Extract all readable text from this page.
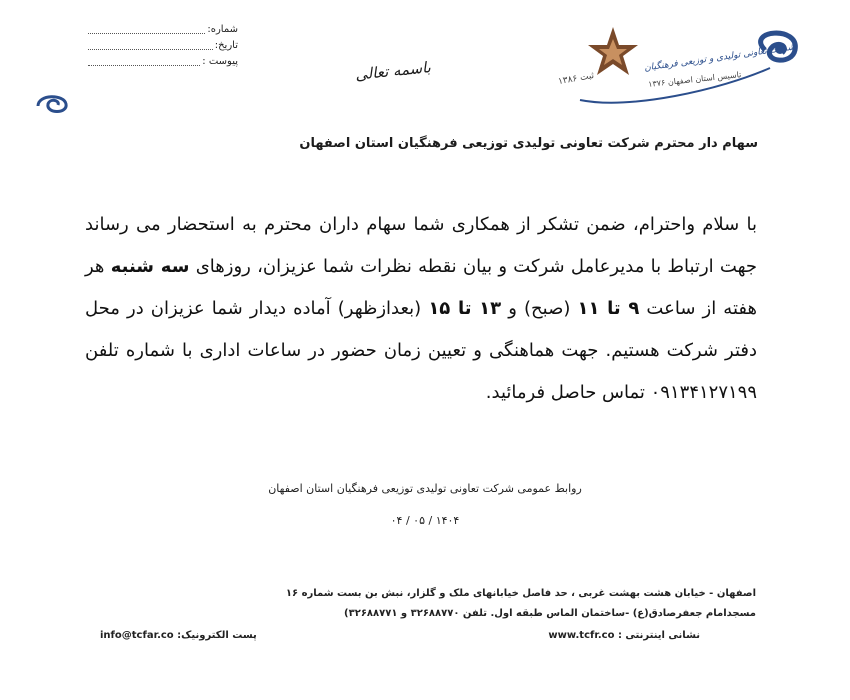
شماره:
تاریخ:
پیوست :	باسمه تعالی	شرکت تعاونی تولیدی و توزیعی فرهنگیان
تاسیس استان اصفهان ۱۳۷۶
۱۳۸۶ ثبت
سهام دار محترم شرکت تعاونی تولیدی توزیعی فرهنگیان استان اصفهان
با سلام واحترام، ضمن تشکر از همکاری شما سهام داران محترم به استحضار می رساند جهت ارتباط با مدیرعامل شرکت و بیان نقطه نظرات شما عزیزان، روزهای سه شنبه هر هفته از ساعت ۹ تا ۱۱ (صبح) و ۱۳ تا ۱۵ (بعدازظهر) آماده دیدار شما عزیزان در محل دفتر شرکت هستیم. جهت هماهنگی و تعیین زمان حضور در ساعات اداری با شماره تلفن ۰۹۱۳۴۱۲۷۱۹۹ تماس حاصل فرمائید.
روابط عمومی شرکت تعاونی تولیدی توزیعی فرهنگیان استان اصفهان
۱۴۰۴ / ۰۵ / ۰۴
اصفهان - خیابان هشت بهشت غربی ، حد فاصل خیابانهای ملک و گلزار، نبش بن بست شماره ۱۶
مسجدامام جعفرصادق(ع) -ساختمان الماس طبقه اول. تلفن ۳۲۶۸۸۷۷۰ و ۳۲۶۸۸۷۷۱)
نشانی اینترنتی : www.tcfr.co
پست الکترونیک: info@tcfar.co
